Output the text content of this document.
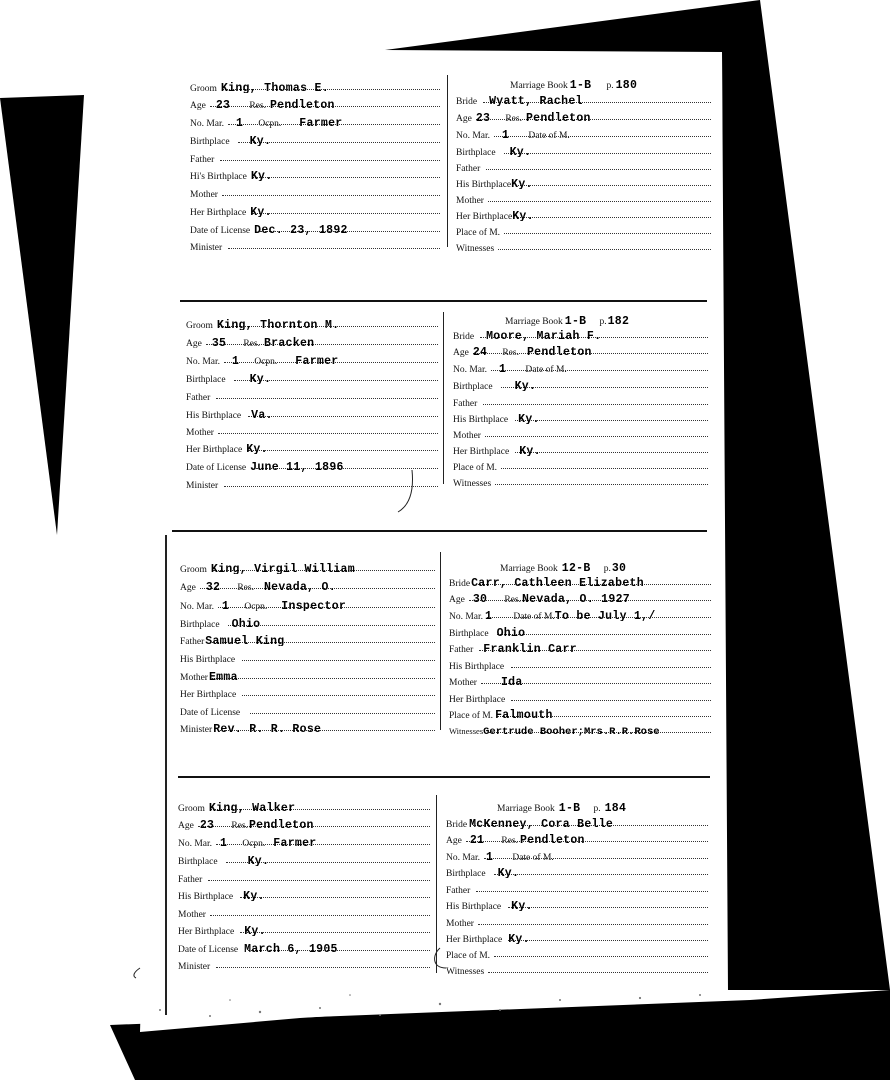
Groom King, Thomas E.
Age 23 Res. Pendleton
No. Mar. 1 Ocpn. Farmer
Birthplace Ky.
Father
Hi's Birthplace Ky.
Mother
Her Birthplace Ky.
Date of License Dec. 23, 1892
Minister
Marriage Book 1-B p. 180
Bride Wyatt, Rachel
Age 23 Res. Pendleton
No. Mar. 1 Date of M.
Birthplace Ky.
Father
His Birthplace
Ky.
Mother
Her Birthplace
Ky.
Place of M.
Witnesses
Groom King, Thornton M.
Age 35 Res. Bracken
No. Mar. 1 Ocpn. Farmer
Birthplace Ky.
Father
His Birthplace Va.
Mother
Her Birthplace Ky.
Date of License June 11, 1896
Minister
Marriage Book 1-B p.182
Bride Moore, Mariah F.
Age 24 Res. Pendleton
No. Mar. 1 Date of M.
Birthplace Ky.
Father
His Birthplace Ky.
Mother
Her Birthplace Ky.
Place of M.
Witnesses
Groom King, Virgil William
Age 32 Res. Nevada, O.
No. Mar. 1 Ocpn. Inspector
Birthplace Ohio
Father
Samuel King
His Birthplace
Mother
Emma
Her Birthplace
Date of License
Minister
Rev. R. R. Rose
Marriage Book 12-B p.30
Bride
Carr, Cathleen Elizabeth
Age 30 Res.Nevada, O. 1927
No. Mar. 1 Date of M.To be July 1,/
Birthplace Ohio
Father Franklin Carr
His Birthplace
Mother Ida
Her Birthplace
Place of M. Falmouth
Witnesses
Gertrude Booher;Mrs.R.R.Rose
Groom King, Walker
Age 23 Res.Pendleton
No. Mar. 1 Ocpn. Farmer
Birthplace	Ky.
Father
His Birthplace Ky.
Mother
Her Birthplace Ky.
Date of License March 6, 1905
Minister
Marriage Book 1-B p. 184
Bride McKenney, Cora Belle
Age 21 Res. Pendleton
No. Mar. 1 Date of M.
Birthplace Ky.
Father
His Birthplace Ky.
Mother
Her Birthplace Ky.
Place of M.
Witnesses
